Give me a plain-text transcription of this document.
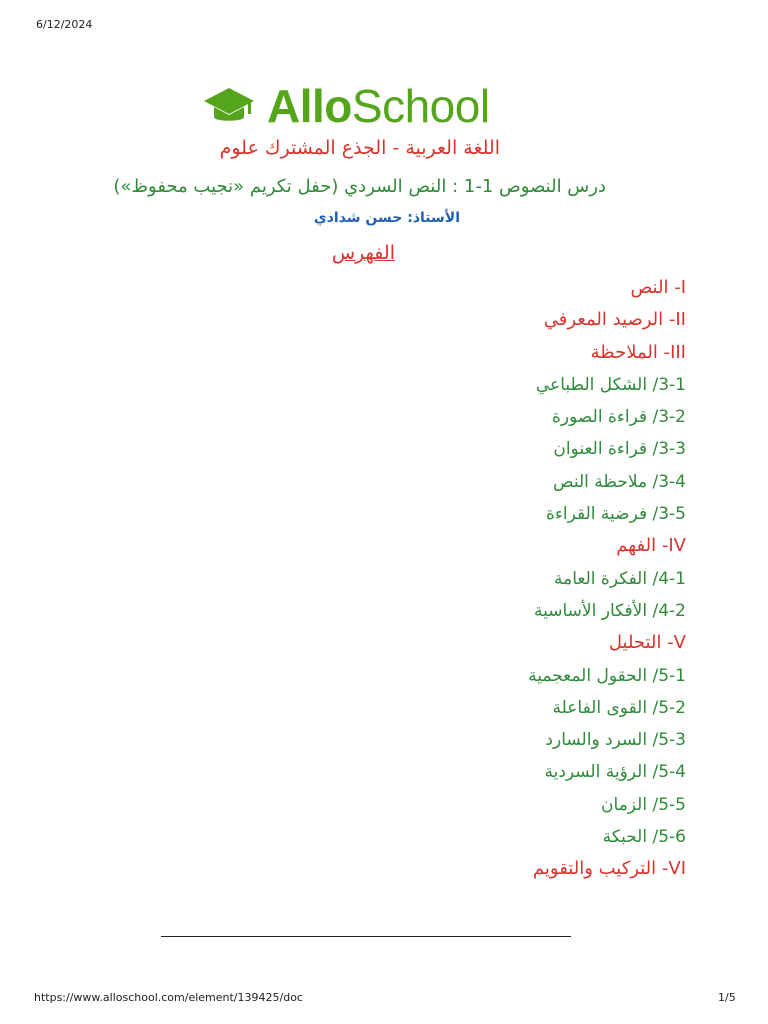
6/12/2024
AlloSchool
اللغة العربية - الجذع المشترك علوم
درس النصوص 1-1 : النص السردي (حفل تكريم «نجيب محفوظ»)
الأستاذ: حسن شدادي
الفهرس
I- النص
II- الرصيد المعرفي
III- الملاحظة
3-1/ الشكل الطباعي
3-2/ قراءة الصورة
3-3/ قراءة العنوان
3-4/ ملاحظة النص
3-5/ فرضية القراءة
IV- الفهم
4-1/ الفكرة العامة
4-2/ الأفكار الأساسية
V- التحليل
5-1/ الحقول المعجمية
5-2/ القوى الفاعلة
5-3/ السرد والسارد
5-4/ الرؤية السردية
5-5/ الزمان
5-6/ الحبكة
VI- التركيب والتقويم
https://www.alloschool.com/element/139425/doc	1/5
